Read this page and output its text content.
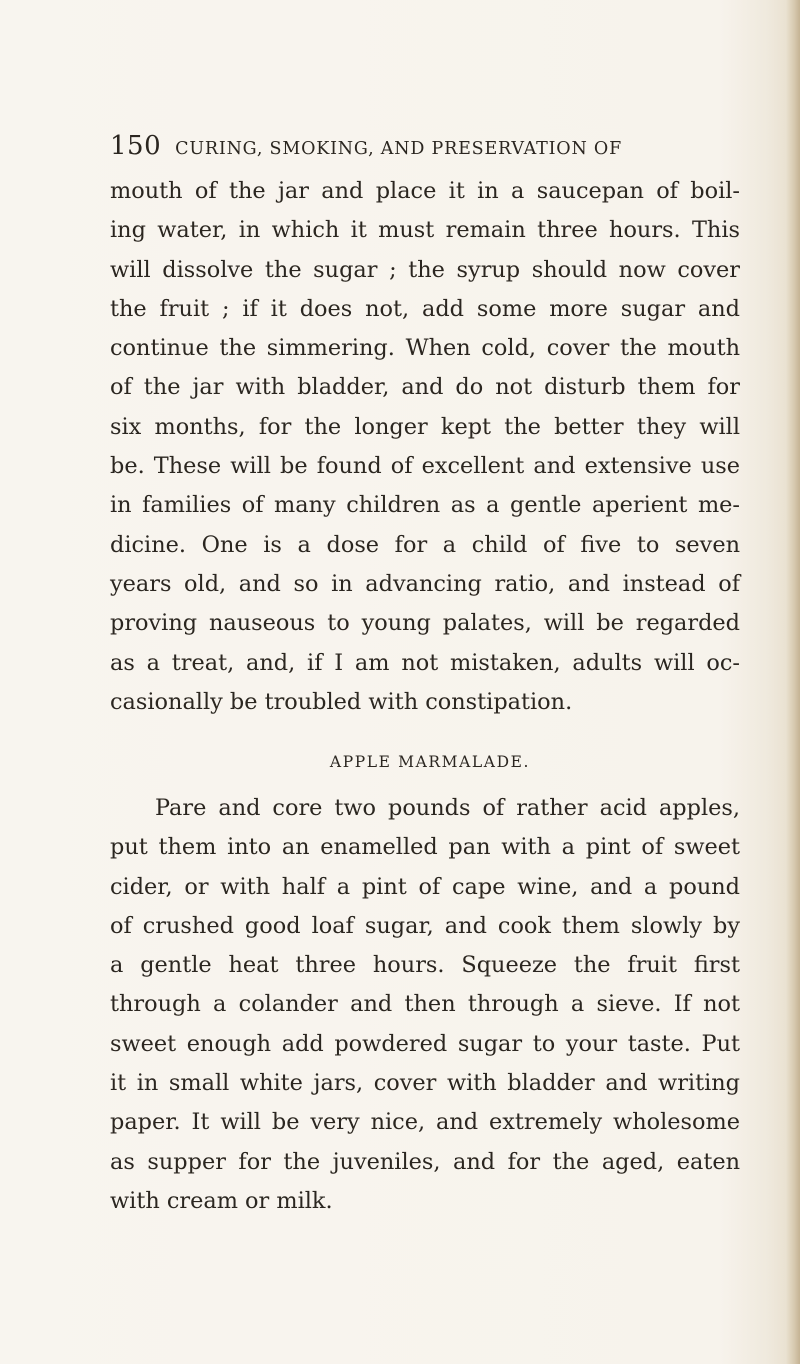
150 CURING, SMOKING, AND PRESERVATION OF
mouth of the jar and place it in a saucepan of boil-
ing water, in which it must remain three hours. This
will dissolve the sugar ; the syrup should now cover
the fruit ; if it does not, add some more sugar and
continue the simmering. When cold, cover the mouth
of the jar with bladder, and do not disturb them for
six months, for the longer kept the better they will
be. These will be found of excellent and extensive use
in families of many children as a gentle aperient me-
dicine. One is a dose for a child of five to seven
years old, and so in advancing ratio, and instead of
proving nauseous to young palates, will be regarded
as a treat, and, if I am not mistaken, adults will oc-
casionally be troubled with constipation.
APPLE MARMALADE.
Pare and core two pounds of rather acid apples,
put them into an enamelled pan with a pint of sweet
cider, or with half a pint of cape wine, and a pound
of crushed good loaf sugar, and cook them slowly by
a gentle heat three hours. Squeeze the fruit first
through a colander and then through a sieve. If not
sweet enough add powdered sugar to your taste. Put
it in small white jars, cover with bladder and writing
paper. It will be very nice, and extremely wholesome
as supper for the juveniles, and for the aged, eaten
with cream or milk.
